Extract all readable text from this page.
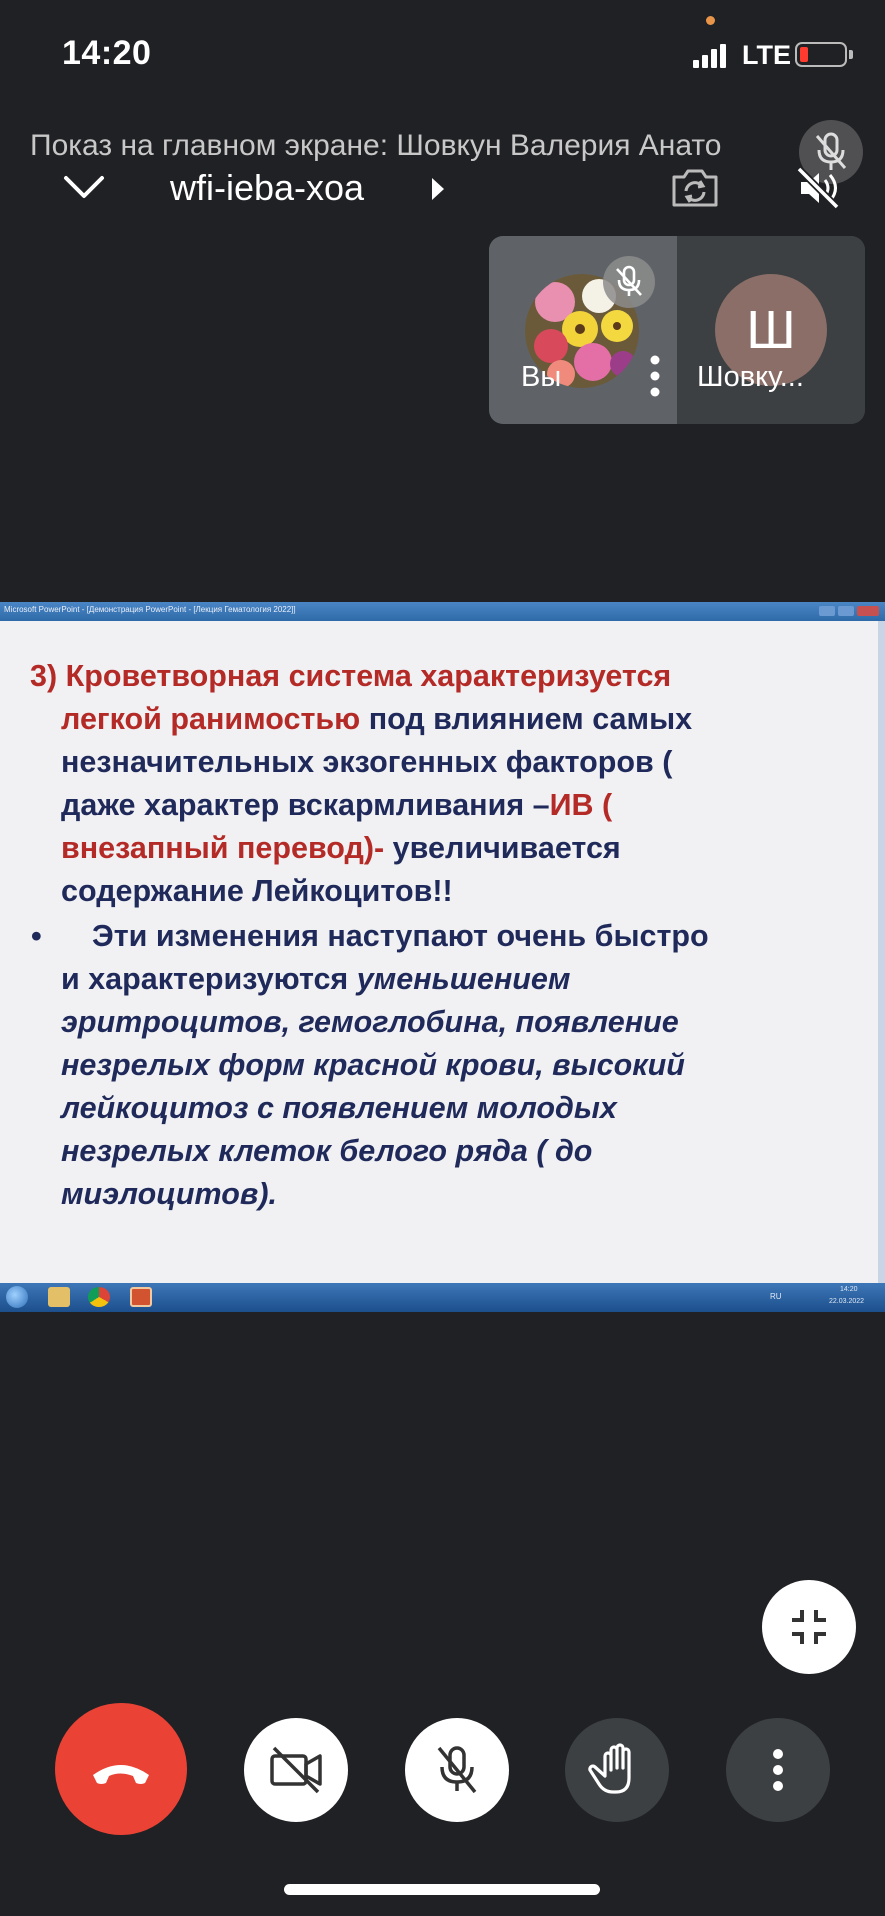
14:20	LTE
Показ на главном экране: Шовкун Валерия Анато
wfi-ieba-xoa
Вы
Ш
Шовку...
Microsoft PowerPoint - [Демонстрация PowerPoint - [Лекция Гематология 2022]]
3) Кроветворная система характеризуется
легкой ранимостью под влиянием самых
незначительных экзогенных факторов (
даже характер вскармливания –ИВ (
внезапный перевод)- увеличивается
содержание Лейкоцитов!!
• Эти изменения наступают очень быстро
и характеризуются уменьшением
эритроцитов, гемоглобина, появление
незрелых форм красной крови, высокий
лейкоцитоз с появлением молодых
незрелых клеток белого ряда ( до
миэлоцитов).
RU
14:20
22.03.2022
